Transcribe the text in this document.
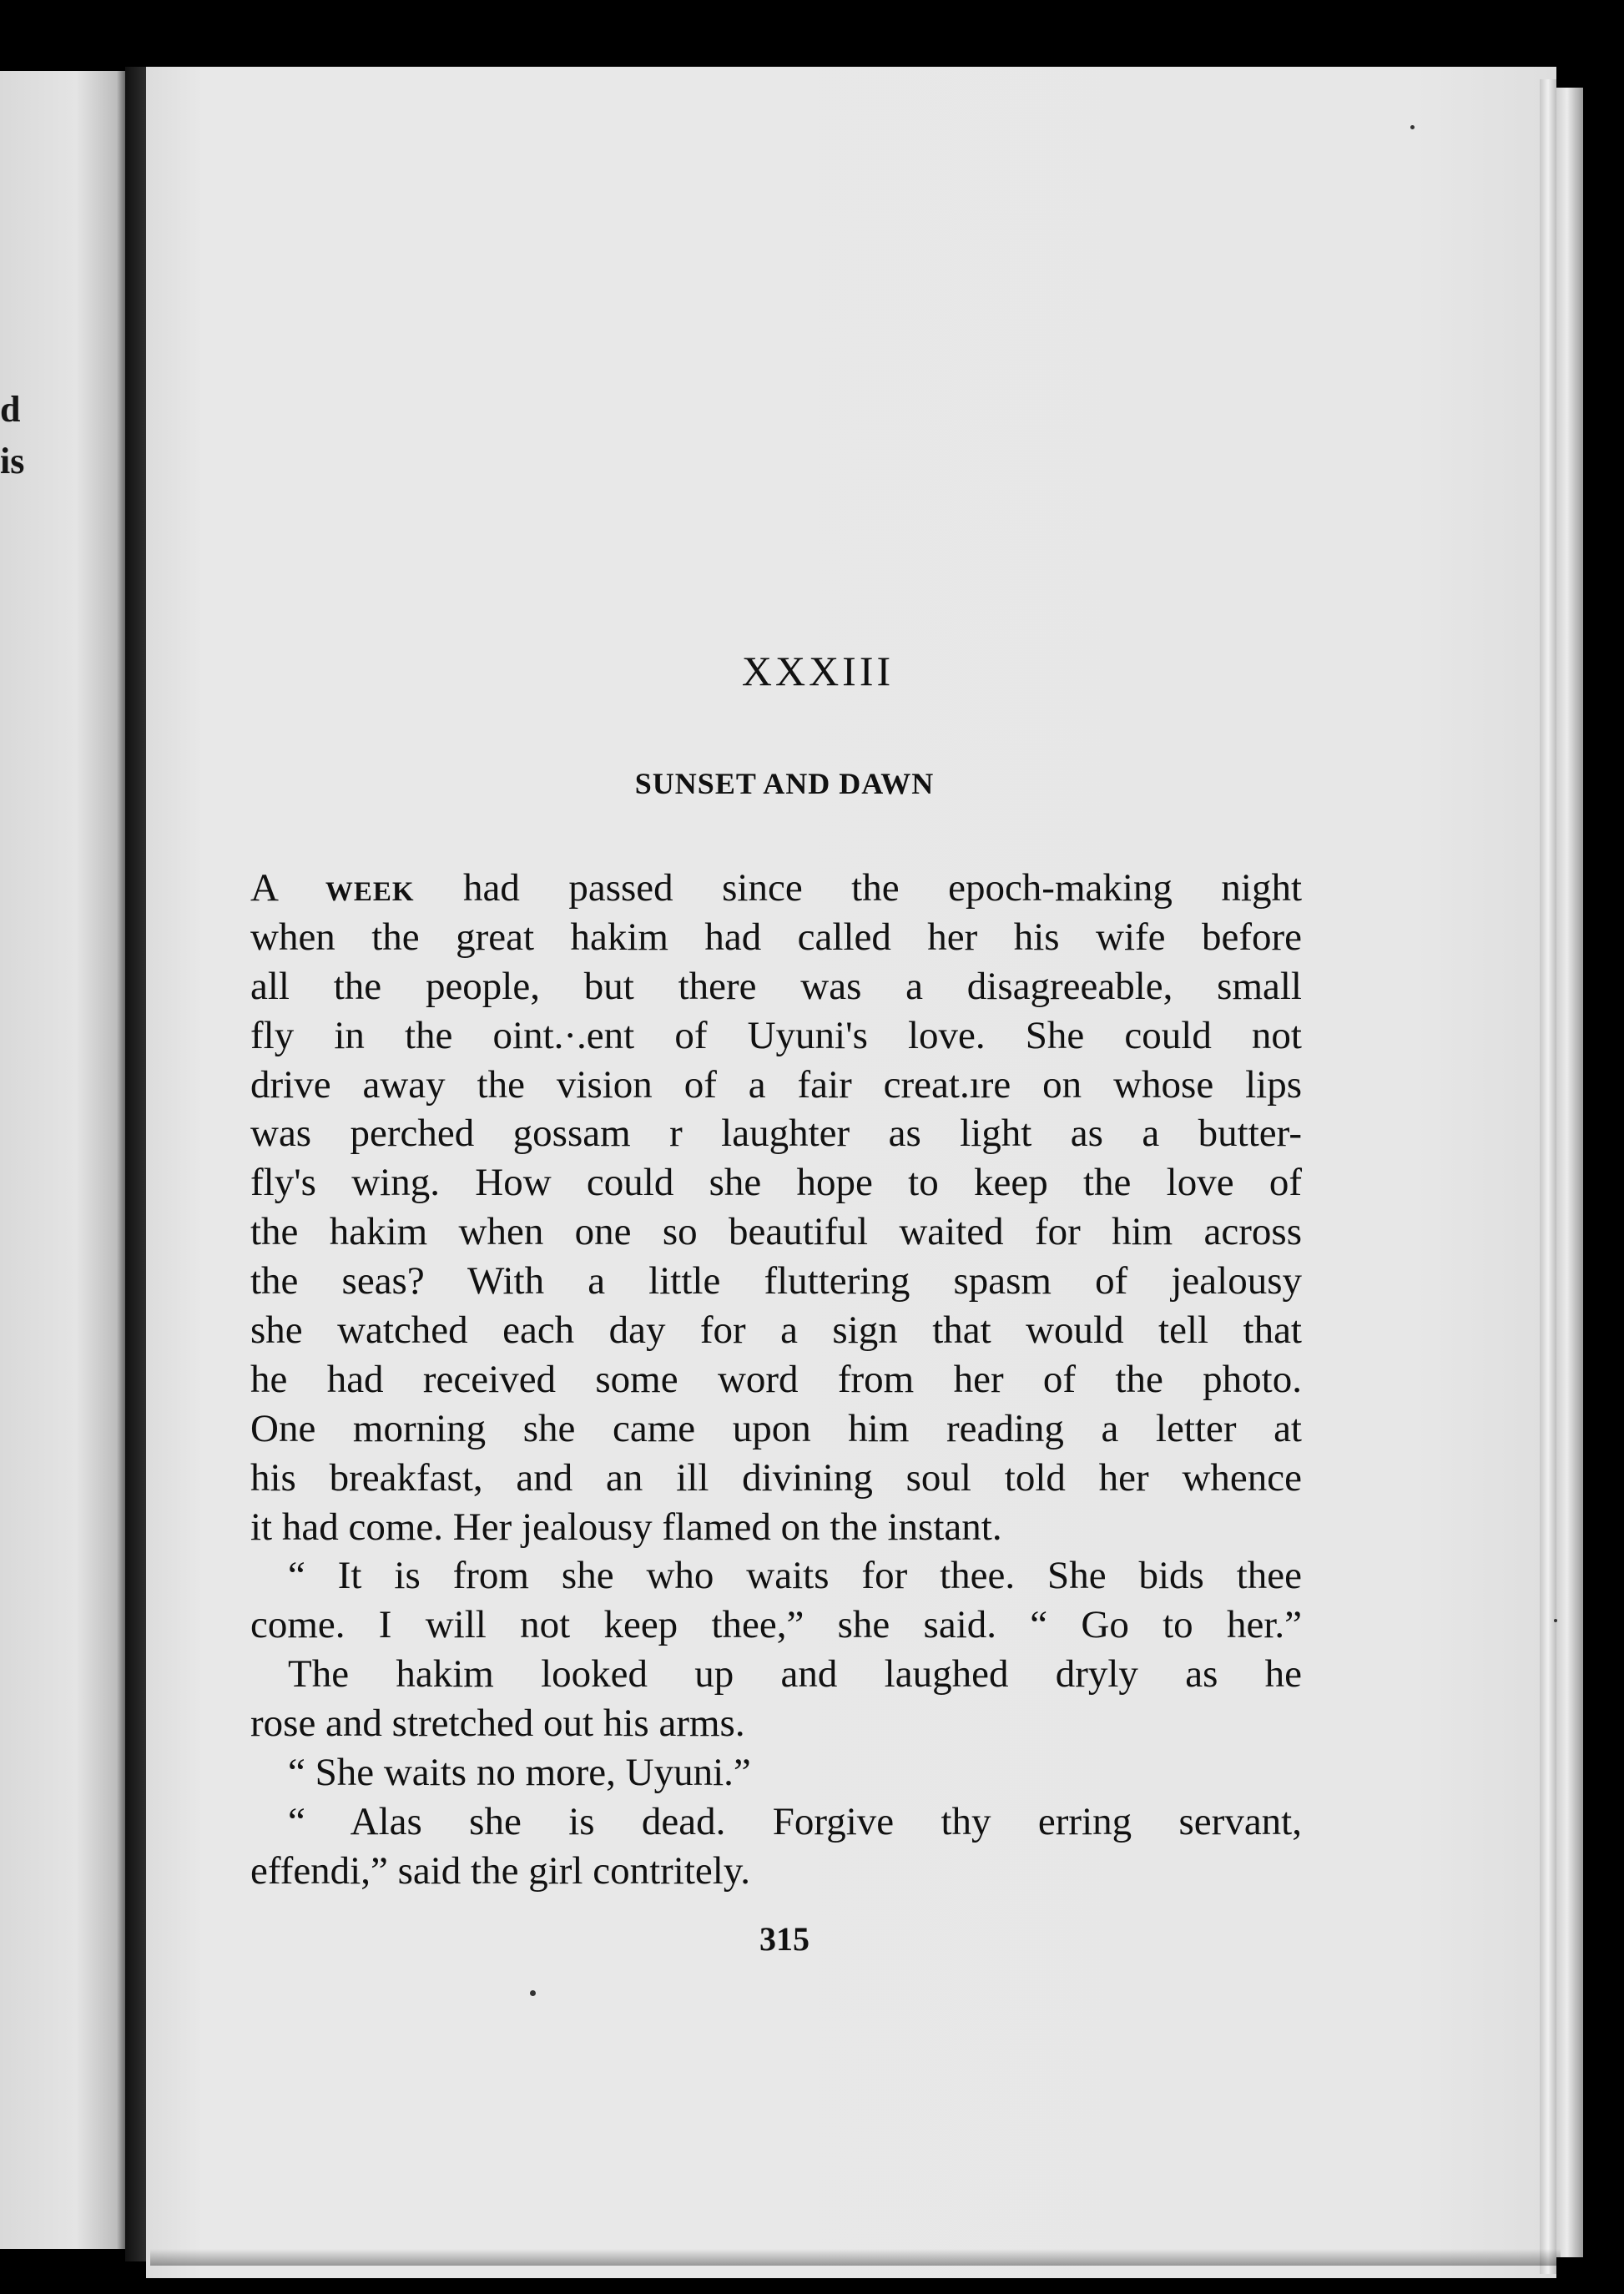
d
is
XXXIII
SUNSET AND DAWN
A week had passed since the epoch-making night
when the great hakim had called her his wife before
all the people, but there was a disagreeable, small
fly in the oint.·.ent of Uyuni's love. She could not
drive away the vision of a fair creat.ıre on whose lips
was perched gossam r laughter as light as a butter-
fly's wing. How could she hope to keep the love of
the hakim when one so beautiful waited for him across
the seas? With a little fluttering spasm of jealousy
she watched each day for a sign that would tell that
he had received some word from her of the photo.
One morning she came upon him reading a letter at
his breakfast, and an ill divining soul told her whence
it had come. Her jealousy flamed on the instant.
“ It is from she who waits for thee. She bids thee
come. I will not keep thee,” she said. “ Go to her.”
The hakim looked up and laughed dryly as he
rose and stretched out his arms.
“ She waits no more, Uyuni.”
“ Alas she is dead. Forgive thy erring servant,
effendi,” said the girl contritely.
315
